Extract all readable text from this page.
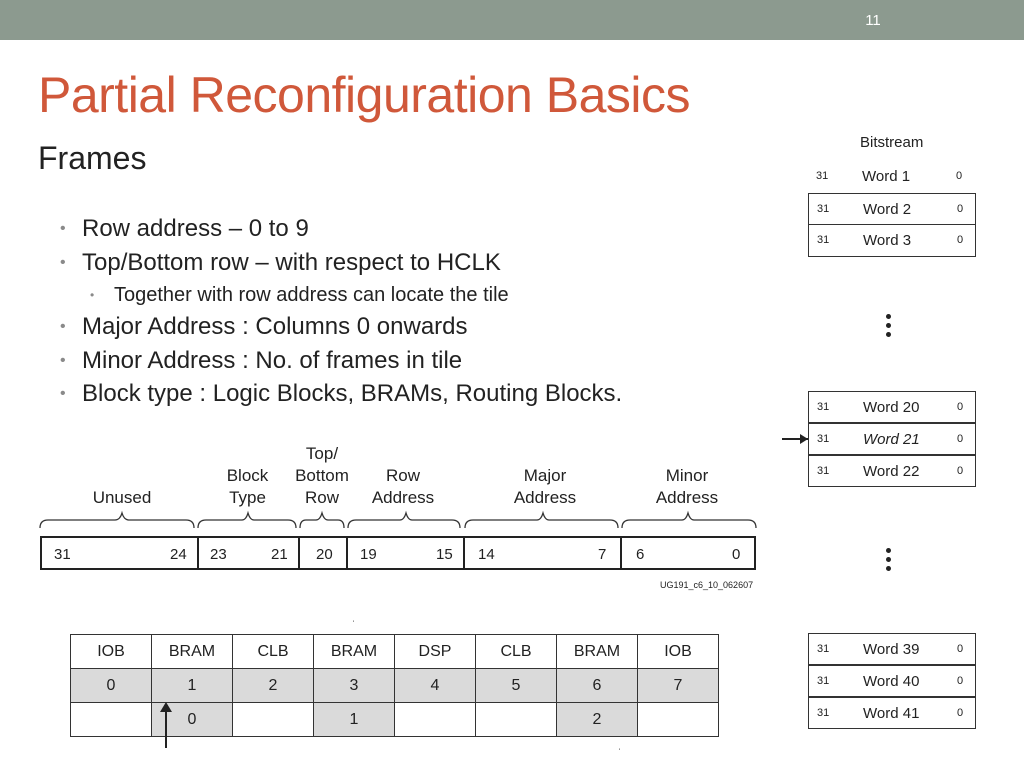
11
Partial Reconfiguration Basics
Frames
• Row address – 0 to 9
• Top/Bottom row – with respect to HCLK
• Together with row address can locate the tile
• Major Address : Columns 0 onwards
• Minor Address : No. of frames in tile
• Block type : Logic Blocks, BRAMs, Routing Blocks.
Unused
Block
Type
Top/
Bottom
Row
Row
Address
Major
Address
Minor
Address
31	24 23	21 20 19	15 14	7 6	0
UG191_c6_10_062607
ˈ
IOB	BRAM	CLB	BRAM	DSP	CLB	BRAM	IOB
0	1	2	3	4	5	6	7
	0		1			2	
ˌ
Bitstream
31 Word 1	0
31 Word 2	0
31 Word 3	0
31 Word 20	0
31 Word 21	0
31 Word 22	0
31 Word 39	0
31 Word 40	0
31 Word 41	0
